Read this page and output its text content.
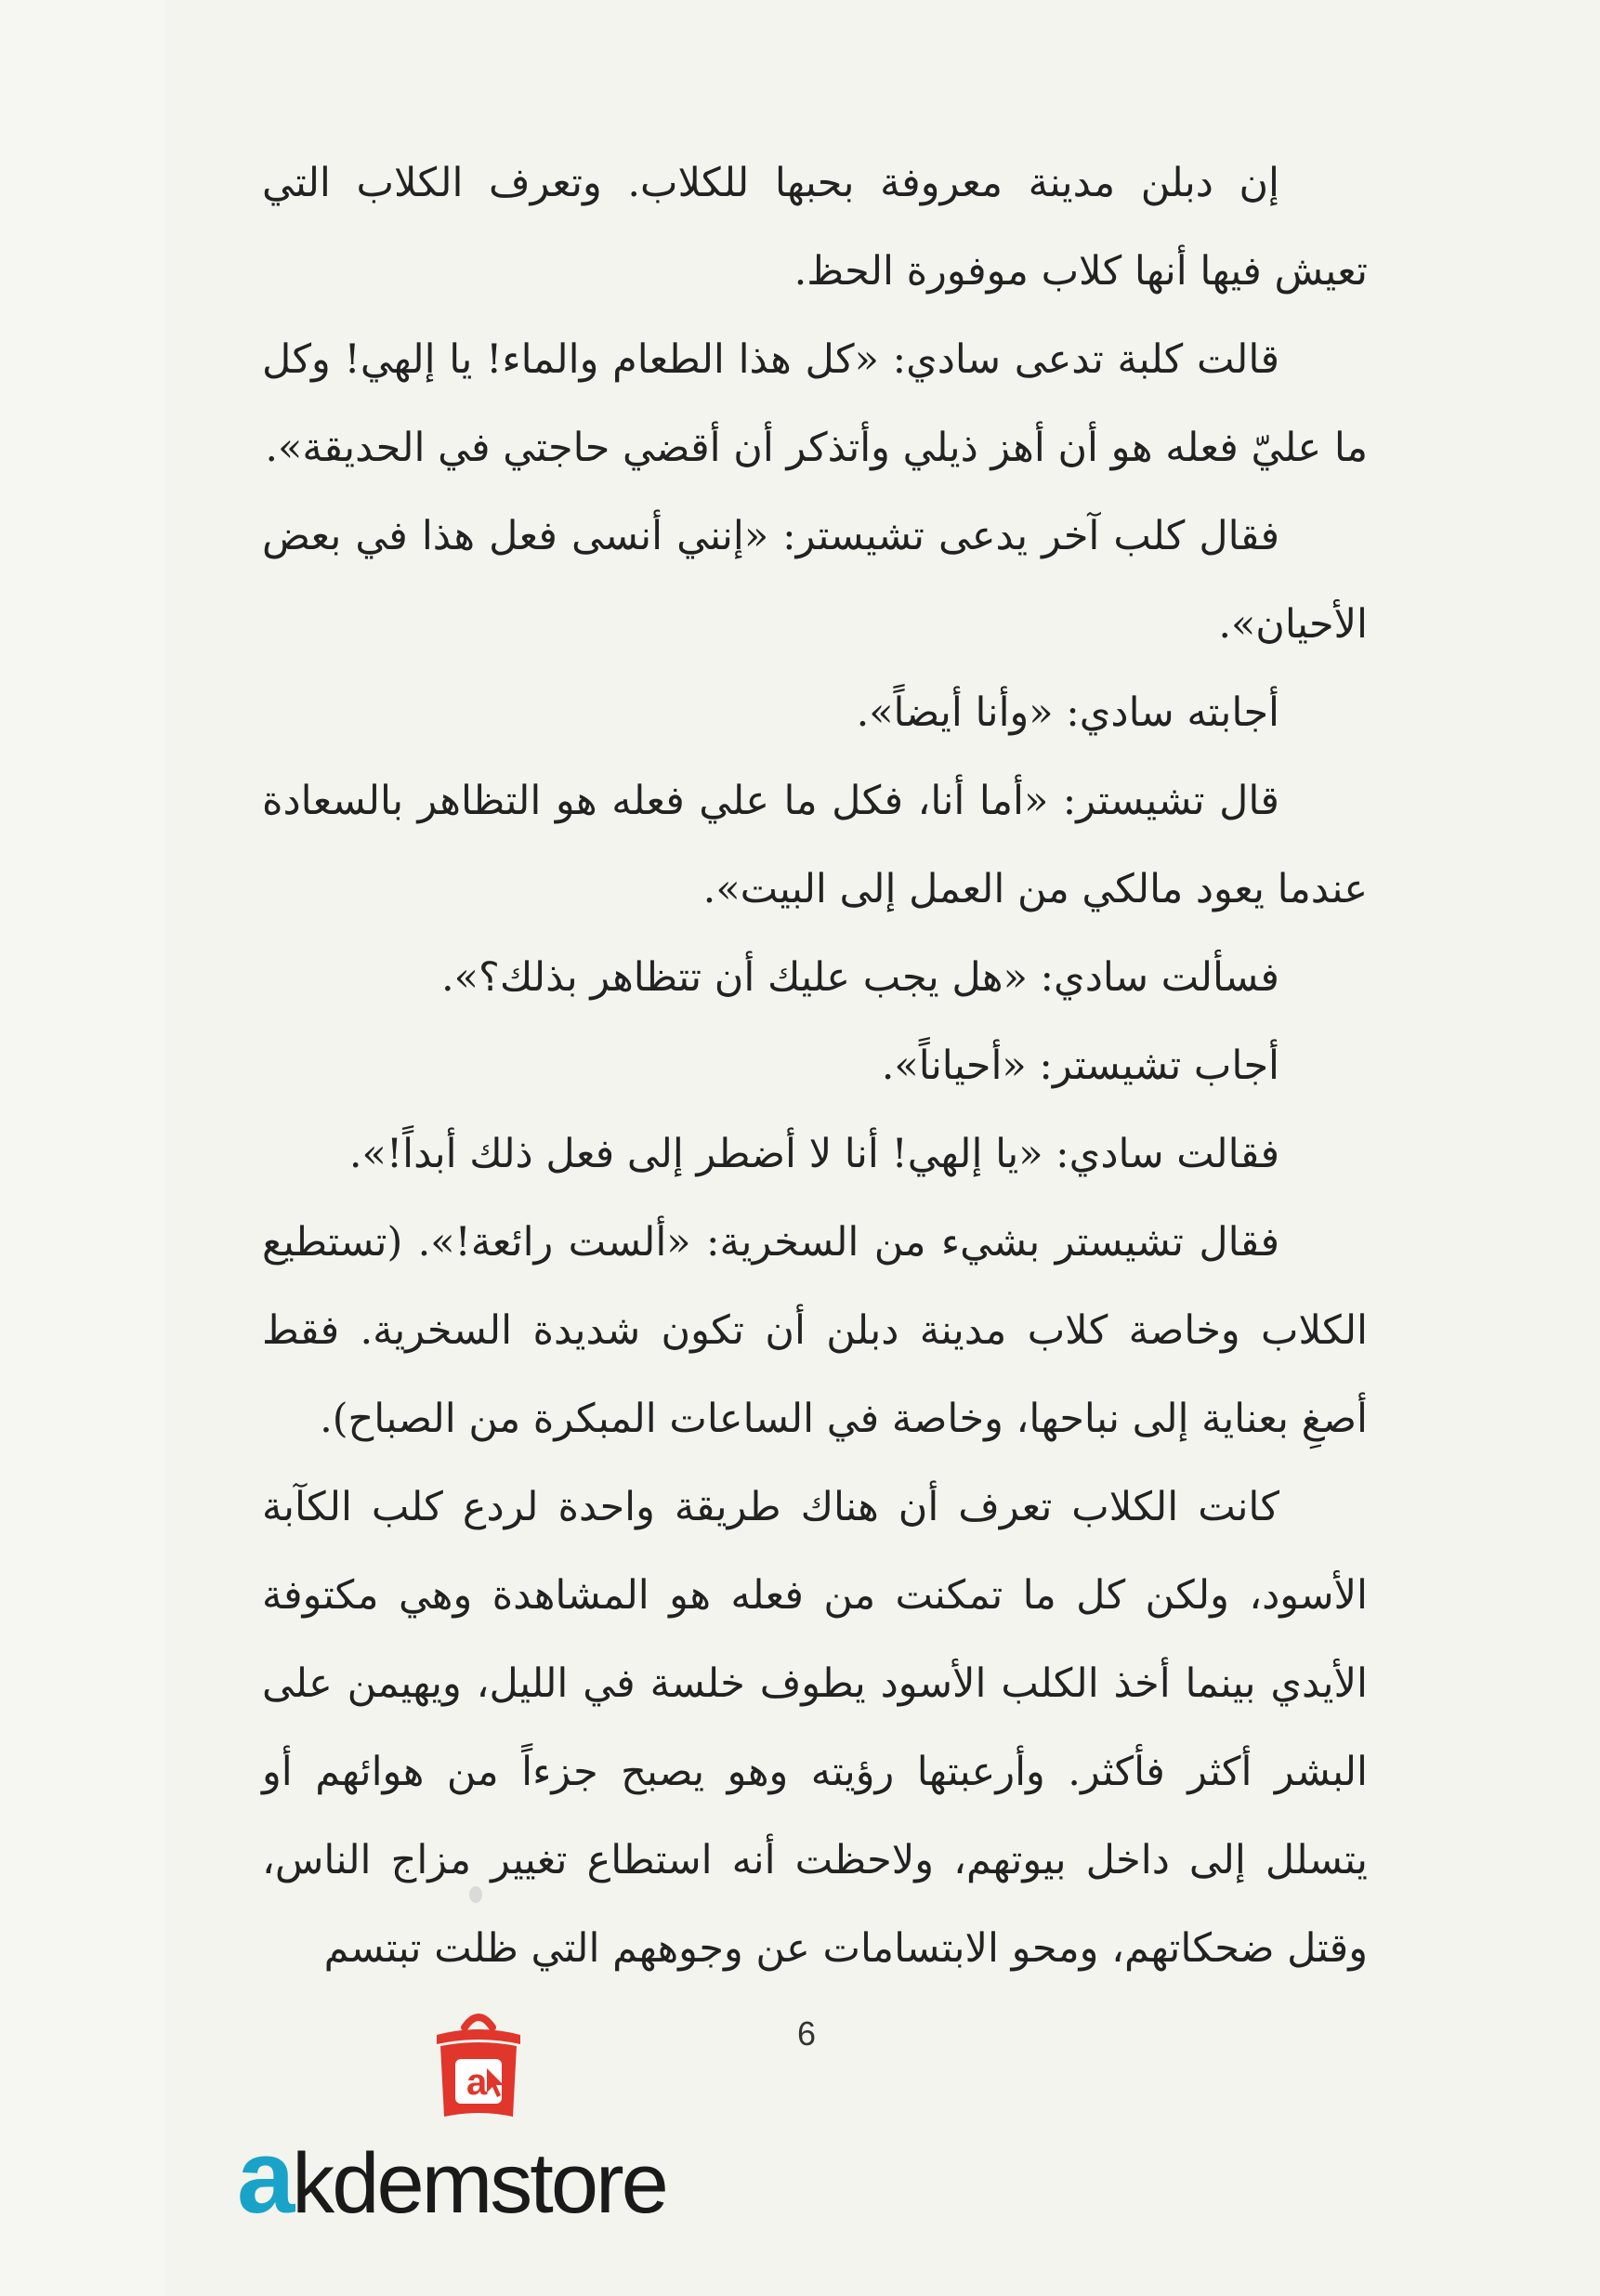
إن دبلن مدينة معروفة بحبها للكلاب. وتعرف الكلاب التي تعيش فيها أنها كلاب موفورة الحظ.

قالت كلبة تدعى سادي: «كل هذا الطعام والماء! يا إلهي! وكل ما عليّ فعله هو أن أهز ذيلي وأتذكر أن أقضي حاجتي في الحديقة».

فقال كلب آخر يدعى تشيستر: «إنني أنسى فعل هذا في بعض الأحيان».

أجابته سادي: «وأنا أيضاً».

قال تشيستر: «أما أنا، فكل ما علي فعله هو التظاهر بالسعادة عندما يعود مالكي من العمل إلى البيت».

فسألت سادي: «هل يجب عليك أن تتظاهر بذلك؟».

أجاب تشيستر: «أحياناً».

فقالت سادي: «يا إلهي! أنا لا أضطر إلى فعل ذلك أبداً!».

فقال تشيستر بشيء من السخرية: «ألست رائعة!». (تستطيع الكلاب وخاصة كلاب مدينة دبلن أن تكون شديدة السخرية. فقط أصغِ بعناية إلى نباحها، وخاصة في الساعات المبكرة من الصباح).

كانت الكلاب تعرف أن هناك طريقة واحدة لردع كلب الكآبة الأسود، ولكن كل ما تمكنت من فعله هو المشاهدة وهي مكتوفة الأيدي بينما أخذ الكلب الأسود يطوف خلسة في الليل، ويهيمن على البشر أكثر فأكثر. وأرعبتها رؤيته وهو يصبح جزءاً من هوائهم أو يتسلل إلى داخل بيوتهم، ولاحظت أنه استطاع تغيير مزاج الناس، وقتل ضحكاتهم، ومحو الابتسامات عن وجوههم التي ظلت تبتسم

6
a
akdemstore
